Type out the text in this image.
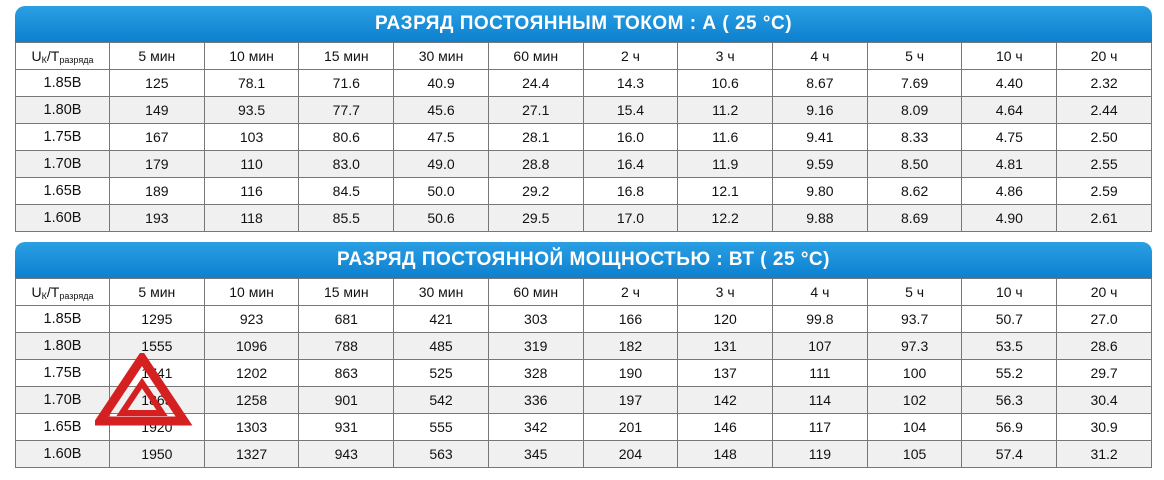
РАЗРЯД ПОСТОЯННЫМ ТОКОМ : А ( 25 °С)
$U_К/T_{разряда}$	5 мин	10 мин	15 мин	30 мин	60 мин	2 ч	3 ч	4 ч	5 ч	10 ч	20 ч
1.85В	125	78.1	71.6	40.9	24.4	14.3	10.6	8.67	7.69	4.40	2.32
1.80В	149	93.5	77.7	45.6	27.1	15.4	11.2	9.16	8.09	4.64	2.44
1.75В	167	103	80.6	47.5	28.1	16.0	11.6	9.41	8.33	4.75	2.50
1.70В	179	110	83.0	49.0	28.8	16.4	11.9	9.59	8.50	4.81	2.55
1.65В	189	116	84.5	50.0	29.2	16.8	12.1	9.80	8.62	4.86	2.59
1.60В	193	118	85.5	50.6	29.5	17.0	12.2	9.88	8.69	4.90	2.61
РАЗРЯД ПОСТОЯННОЙ МОЩНОСТЬЮ : ВТ ( 25 °С)
$U_К/T_{разряда}$	5 мин	10 мин	15 мин	30 мин	60 мин	2 ч	3 ч	4 ч	5 ч	10 ч	20 ч
1.85В	1295	923	681	421	303	166	120	99.8	93.7	50.7	27.0
1.80В	1555	1096	788	485	319	182	131	107	97.3	53.5	28.6
1.75В	1741	1202	863	525	328	190	137	111	100	55.2	29.7
1.70В	1865	1258	901	542	336	197	142	114	102	56.3	30.4
1.65В	1920	1303	931	555	342	201	146	117	104	56.9	30.9
1.60В	1950	1327	943	563	345	204	148	119	105	57.4	31.2
